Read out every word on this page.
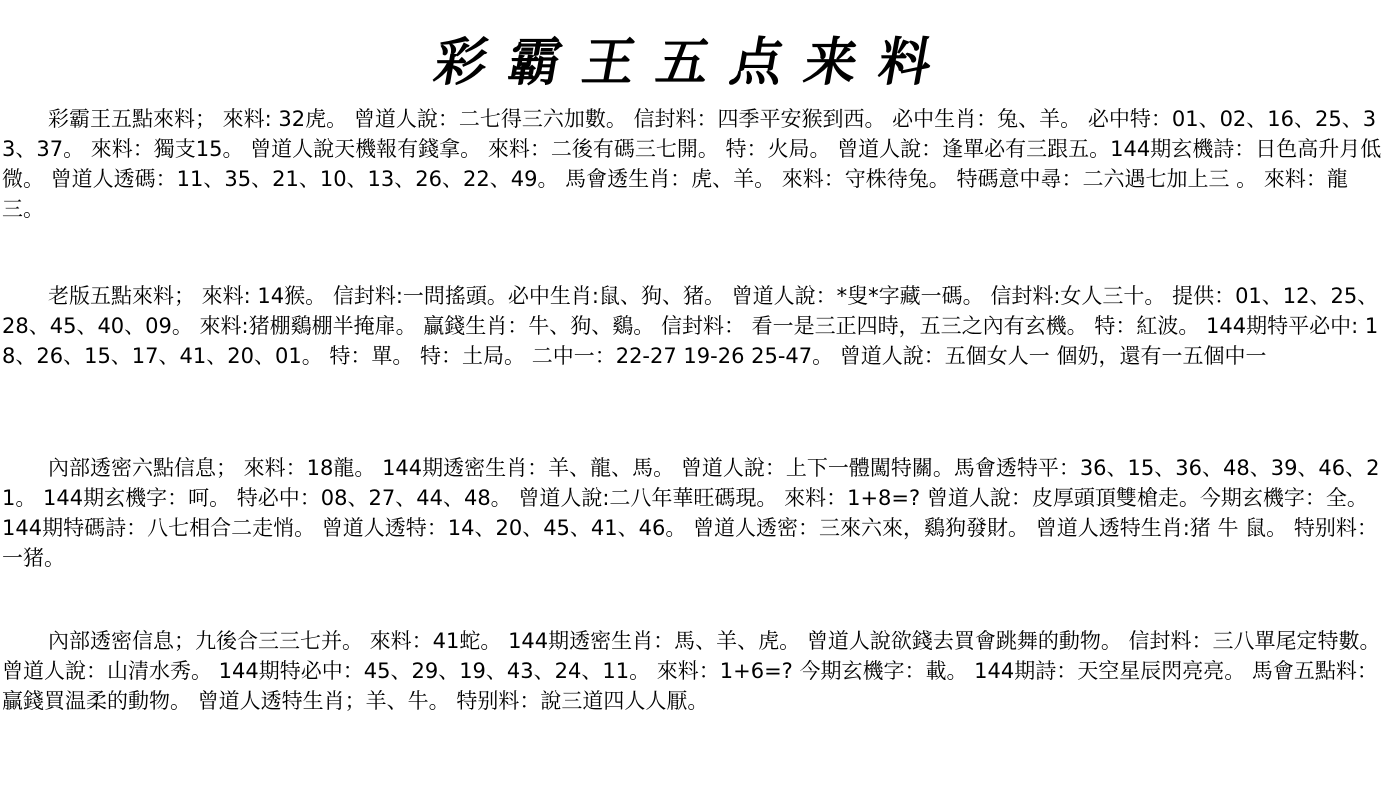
彩霸王五点来料
彩霸王五點來料； 來料: 32虎。 曾道人說：二七得三六加數。 信封料：四季平安猴到西。 必中生肖：兔、羊。 必中特：01、02、16、25、33、37。 來料：獨支15。 曾道人說天機報有錢拿。 來料：二後有碼三七開。 特：火局。 曾道人說：逢單必有三跟五。144期玄機詩：日色高升月低微。 曾道人透碼：11、35、21、10、13、26、22、49。 馬會透生肖：虎、羊。 來料：守株待兔。 特碼意中尋：二六遇七加上三 。 來料：龍三。
老版五點來料； 來料: 14猴。 信封料:一問搖頭。必中生肖:鼠、狗、猪。 曾道人說：*叟*字藏一碼。 信封料:女人三十。 提供：01、12、25、28、45、40、09。 來料:猪棚鷄棚半掩扉。 贏錢生肖：牛、狗、鷄。 信封料： 看一是三正四時，五三之內有玄機。 特：紅波。 144期特平必中: 18、26、15、17、41、20、01。 特：單。 特：土局。 二中一：22-27 19-26 25-47。 曾道人說：五個女人一 個奶，還有一五個中一
內部透密六點信息； 來料：18龍。 144期透密生肖：羊、龍、馬。 曾道人說：上下一體闖特關。馬會透特平：36、15、36、48、39、46、21。 144期玄機字：呵。 特必中：08、27、44、48。 曾道人說:二八年華旺碼現。 來料：1+8=? 曾道人說：皮厚頭頂雙槍走。今期玄機字：全。 144期特碼詩：八七相合二走悄。 曾道人透特：14、20、45、41、46。 曾道人透密：三來六來，鷄狗發財。 曾道人透特生肖:猪 牛 鼠。 特别料：一猪。
內部透密信息；九後合三三七并。 來料：41蛇。 144期透密生肖：馬、羊、虎。 曾道人說欲錢去買會跳舞的動物。 信封料：三八單尾定特數。 曾道人說：山清水秀。 144期特必中：45、29、19、43、24、11。 來料：1+6=? 今期玄機字：載。 144期詩：天空星辰閃亮亮。 馬會五點料：贏錢買温柔的動物。 曾道人透特生肖；羊、牛。 特别料：說三道四人人厭。
